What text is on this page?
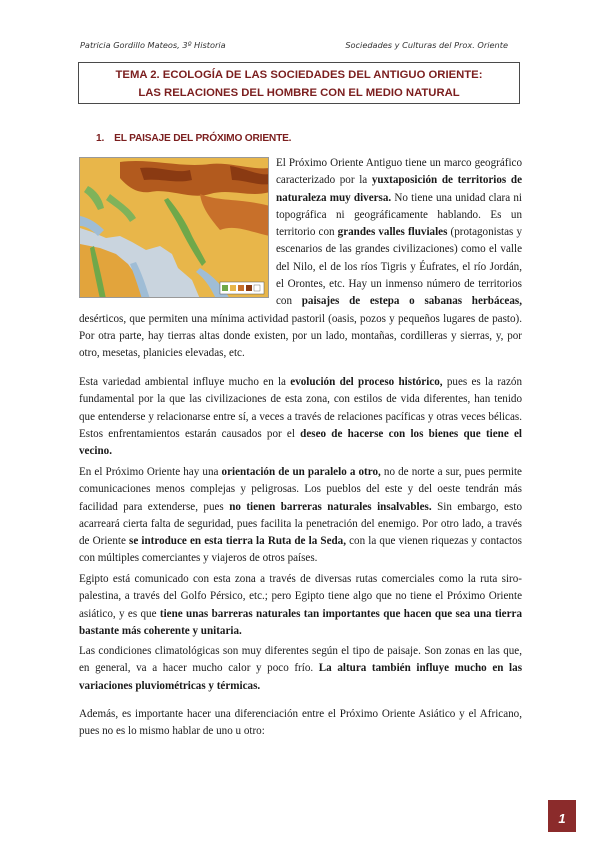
Patricia Gordillo Mateos, 3º Historia	Sociedades y Culturas del Prox. Oriente
TEMA 2. ECOLOGÍA DE LAS SOCIEDADES DEL ANTIGUO ORIENTE:
LAS RELACIONES DEL HOMBRE CON EL MEDIO NATURAL
1. EL PAISAJE DEL PRÓXIMO ORIENTE.

El Próximo Oriente Antiguo tiene un marco geográfico caracterizado por la yuxtaposición de territorios de naturaleza muy diversa. No tiene una unidad clara ni topográfica ni geográficamente hablando. Es un territorio con grandes valles fluviales (protagonistas y escenarios de las grandes civilizaciones) como el valle del Nilo, el de los ríos Tigris y Éufrates, el río Jordán, el Orontes, etc. Hay un inmenso número de territorios con paisajes de estepa o sabanas herbáceas, desérticos, que permiten una mínima actividad pastoril (oasis, pozos y pequeños lugares de pasto). Por otra parte, hay tierras altas donde existen, por un lado, montañas, cordilleras y sierras, y, por otro, mesetas, planicies elevadas, etc.

Esta variedad ambiental influye mucho en la evolución del proceso histórico, pues es la razón fundamental por la que las civilizaciones de esta zona, con estilos de vida diferentes, han tenido que entenderse y relacionarse entre sí, a veces a través de relaciones pacíficas y otras veces bélicas. Estos enfrentamientos estarán causados por el deseo de hacerse con los bienes que tiene el vecino.

En el Próximo Oriente hay una orientación de un paralelo a otro, no de norte a sur, pues permite comunicaciones menos complejas y peligrosas. Los pueblos del este y del oeste tendrán más facilidad para extenderse, pues no tienen barreras naturales insalvables. Sin embargo, esto acarreará cierta falta de seguridad, pues facilita la penetración del enemigo. Por otro lado, a través de Oriente se introduce en esta tierra la Ruta de la Seda, con la que vienen riquezas y contactos con múltiples comerciantes y viajeros de otros países.

Egipto está comunicado con esta zona a través de diversas rutas comerciales como la ruta siro-palestina, a través del Golfo Pérsico, etc.; pero Egipto tiene algo que no tiene el Próximo Oriente asiático, y es que tiene unas barreras naturales tan importantes que hacen que sea una tierra bastante más coherente y unitaria.

Las condiciones climatológicas son muy diferentes según el tipo de paisaje. Son zonas en las que, en general, va a hacer mucho calor y poco frío. La altura también influye mucho en las variaciones pluviométricas y térmicas.

Además, es importante hacer una diferenciación entre el Próximo Oriente Asiático y el Africano, pues no es lo mismo hablar de uno u otro:

1
